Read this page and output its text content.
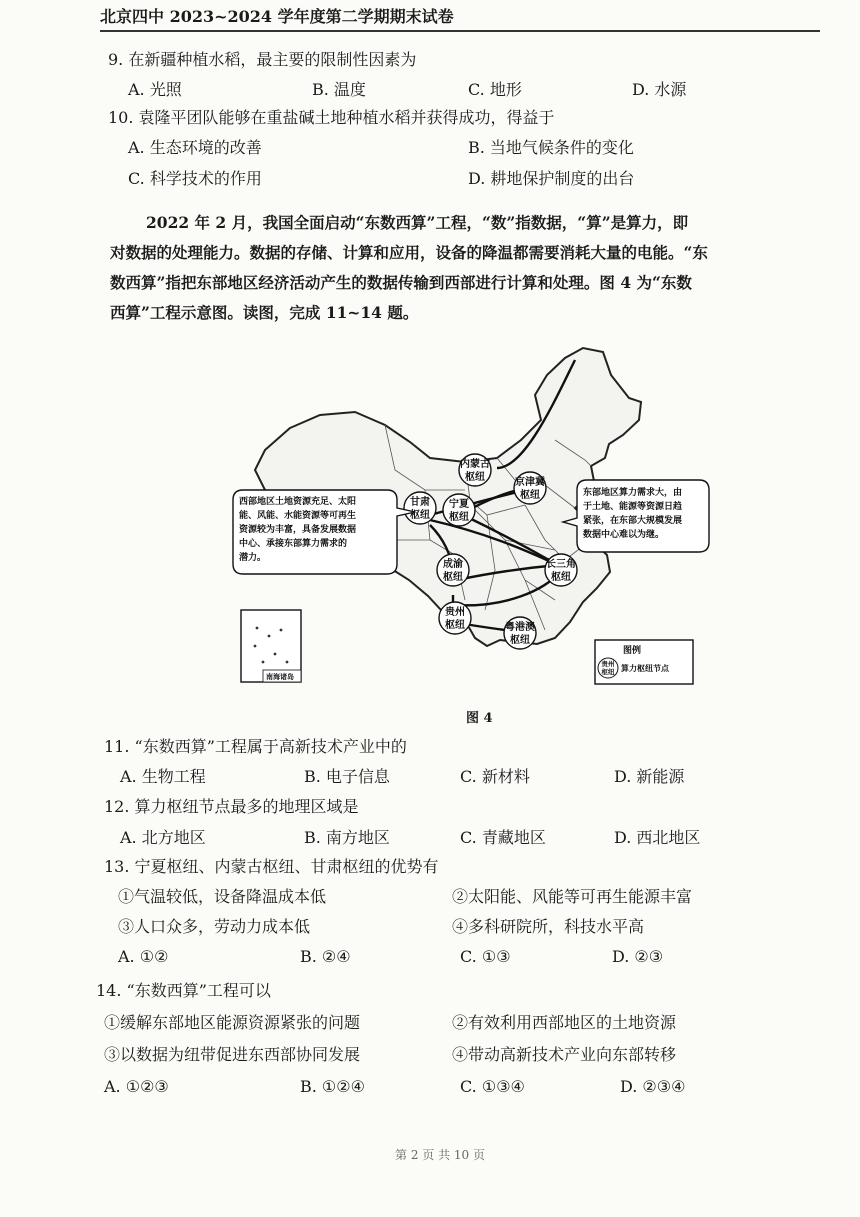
北京四中 2023~2024 学年度第二学期期末试卷
9. 在新疆种植水稻，最主要的限制性因素为
A. 光照	B. 温度	C. 地形	D. 水源
10. 袁隆平团队能够在重盐碱土地种植水稻并获得成功，得益于
A. 生态环境的改善	B. 当地气候条件的变化
C. 科学技术的作用	D. 耕地保护制度的出台

2022 年 2 月，我国全面启动“东数西算”工程，“数”指数据，“算”是算力，即

对数据的处理能力。数据的存储、计算和应用，设备的降温都需要消耗大量的电能。“东

数西算”指把东部地区经济活动产生的数据传输到西部进行计算和处理。图 4 为“东数

西算”工程示意图。读图，完成 11~14 题。

内蒙古
枢纽	京津冀
枢纽
甘肃
枢纽
宁夏
枢纽
成渝
枢纽
长三角
枢纽
贵州
枢纽	粤港澳
枢纽
西部地区土地资源充足、太阳
能、风能、水能资源等可再生
资源较为丰富，具备发展数据
中心、承接东部算力需求的
潜力。
东部地区算力需求大，由
于土地、能源等资源日趋
紧张，在东部大规模发展
数据中心难以为继。
南海诸岛
图例
贵州
枢纽 算力枢纽节点
图 4
11. “东数西算”工程属于高新技术产业中的
A. 生物工程	B. 电子信息	C. 新材料	D. 新能源
12. 算力枢纽节点最多的地理区域是
A. 北方地区	B. 南方地区	C. 青藏地区	D. 西北地区
13. 宁夏枢纽、内蒙古枢纽、甘肃枢纽的优势有
①气温较低，设备降温成本低	②太阳能、风能等可再生能源丰富
③人口众多，劳动力成本低	④多科研院所，科技水平高
A. ①②	B. ②④	C. ①③	D. ②③
14. “东数西算”工程可以
①缓解东部地区能源资源紧张的问题	②有效利用西部地区的土地资源
③以数据为纽带促进东西部协同发展	④带动高新技术产业向东部转移
A. ①②③	B. ①②④	C. ①③④	D. ②③④
第 2 页 共 10 页
